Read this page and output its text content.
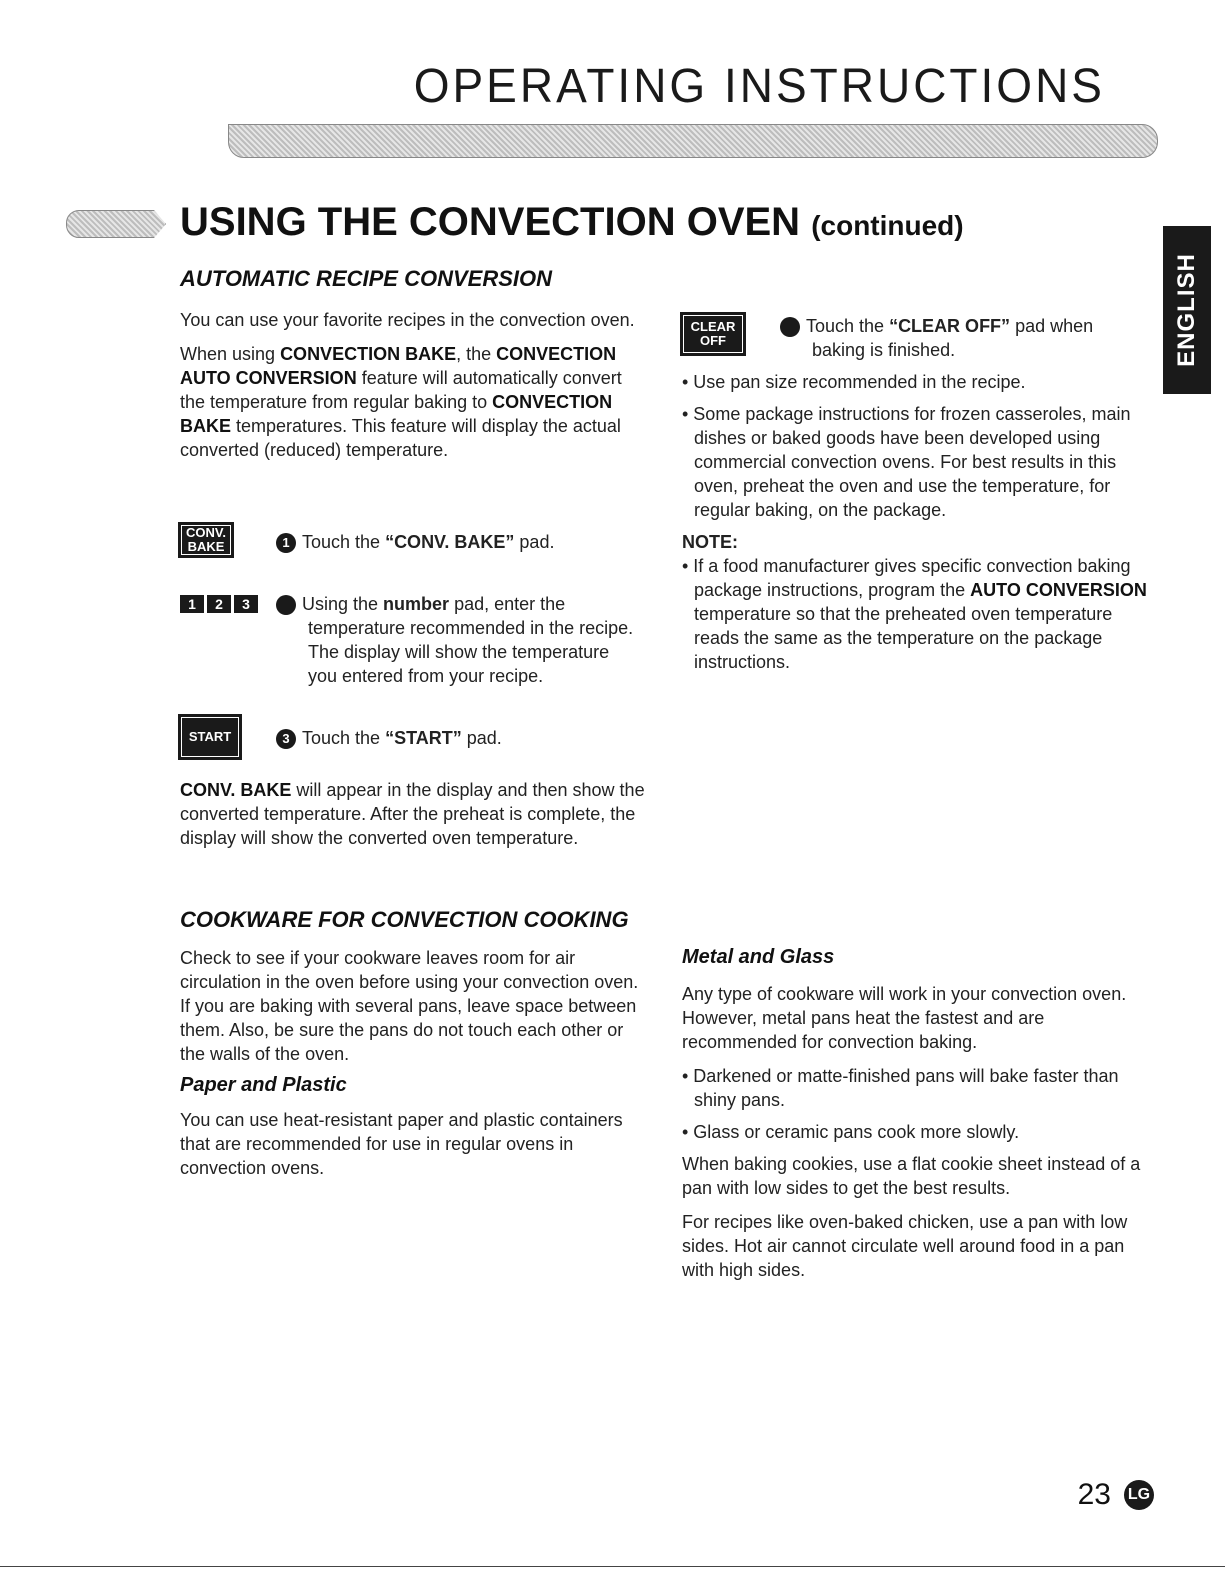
OPERATING INSTRUCTIONS
USING THE CONVECTION OVEN (continued)
ENGLISH
AUTOMATIC RECIPE CONVERSION

You can use your favorite recipes in the convection oven.

When using CONVECTION BAKE, the CONVECTION AUTO CONVERSION feature will automatically convert the temperature from regular baking to CONVECTION BAKE temperatures. This feature will display the actual converted (reduced) temperature.

CONV.
BAKE	1 Touch the “CONV. BAKE” pad.
1	2	3	2 Using the number pad, enter the temperature recommended in the recipe. The display will show the temperature you entered from your recipe.
START	3 Touch the “START” pad.
CONV. BAKE will appear in the display and then show the converted temperature. After the preheat is complete, the display will show the converted oven temperature.
CLEAR
OFF
4 Touch the “CLEAR OFF” pad when baking is finished.
• Use pan size recommended in the recipe.
• Some package instructions for frozen casseroles, main dishes or baked goods have been developed using commercial convection ovens. For best results in this oven, preheat the oven and use the temperature, for regular baking, on the package.
NOTE:
• If a food manufacturer gives specific convection baking package instructions, program the AUTO CONVERSION temperature so that the preheated oven temperature reads the same as the temperature on the package instructions.
COOKWARE FOR CONVECTION COOKING
Check to see if your cookware leaves room for air circulation in the oven before using your convection oven. If you are baking with several pans, leave space between them. Also, be sure the pans do not touch each other or the walls of the oven.
Paper and Plastic
You can use heat-resistant paper and plastic containers that are recommended for use in regular ovens in convection ovens.
Metal and Glass

Any type of cookware will work in your convection oven. However, metal pans heat the fastest and are recommended for convection baking.

• Darkened or matte-finished pans will bake faster than shiny pans.
• Glass or ceramic pans cook more slowly.

When baking cookies, use a flat cookie sheet instead of a pan with low sides to get the best results.

For recipes like oven-baked chicken, use a pan with low sides. Hot air cannot circulate well around food in a pan with high sides.

23 LG
